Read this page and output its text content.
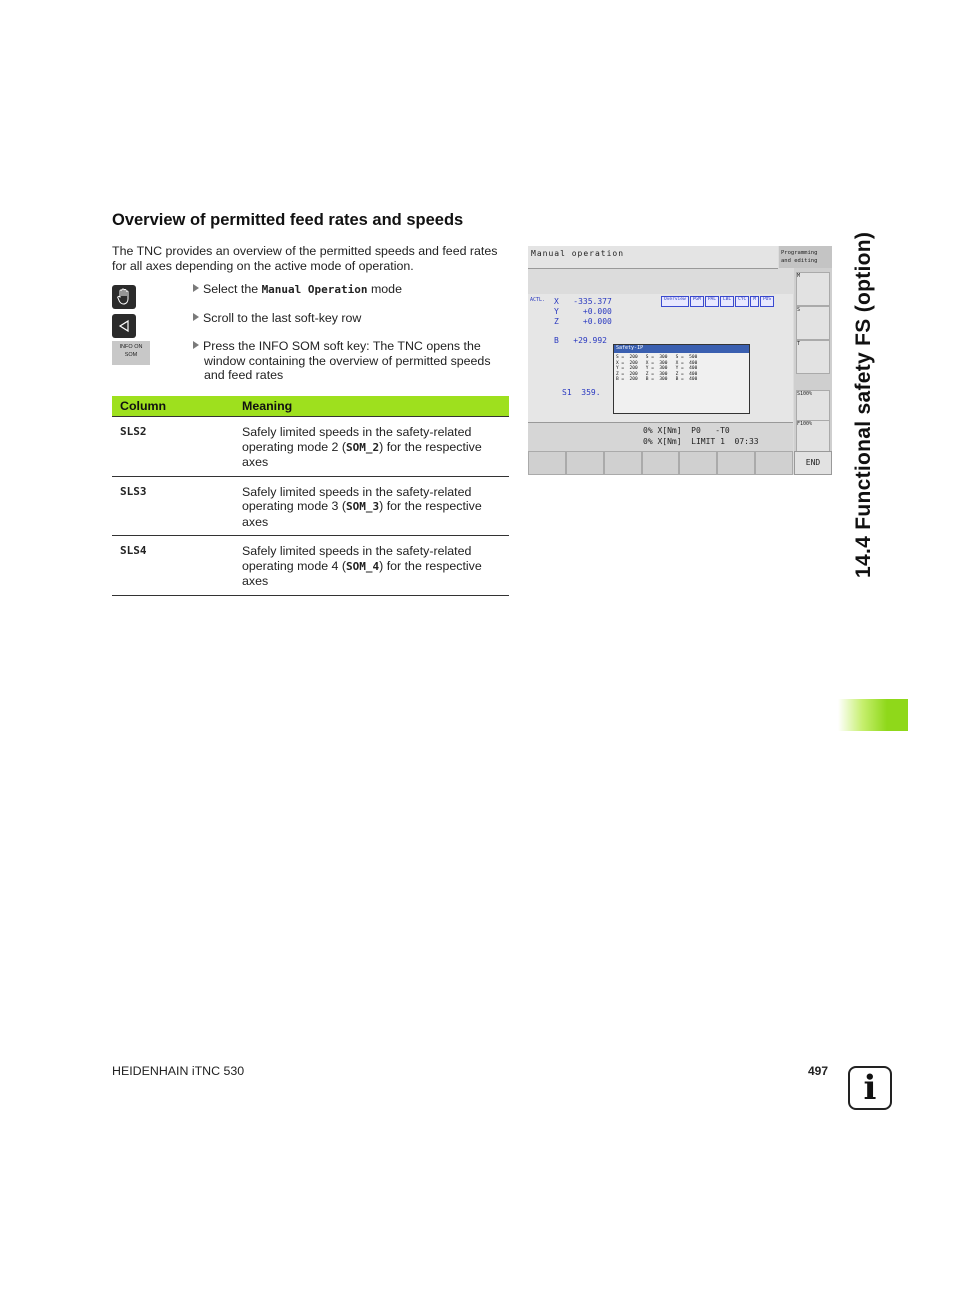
Overview of permitted feed rates and speeds
The TNC provides an overview of the permitted speeds and feed rates for all axes depending on the active mode of operation.
INFO ON
SOM
Select the Manual Operation mode
Scroll to the last soft-key row
Press the INFO SOM soft key: The TNC opens the
window containing the overview of permitted speeds
and feed rates
Column	Meaning
SLS2	Safely limited speeds in the safety-related operating mode 2 (SOM_2) for the respective axes
SLS3	Safely limited speeds in the safety-related operating mode 3 (SOM_3) for the respective axes
SLS4	Safely limited speeds in the safety-related operating mode 4 (SOM_4) for the respective axes
Manual operation	Programming
and editing
ACTL. X -335.377
Y	+0.000
Z	+0.000
B +29.992
S1  359.
Overview	PGM	PAL	LBL	CYC	M	POS
Safety-IP
S =  200   S =  300   S =  500
X =  200   X =  300   X =  400
Y =  200   Y =  300   Y =  400
Z =  200   Z =  300   Z =  400
B =  200   B =  300   B =  400
0% X[Nm]  P0   -T0
0% X[Nm]  LIMIT 1  07:33
M
S
T
S100%
F100%
END	14.4 Functional safety FS (option)
HEIDENHAIN iTNC 530	497 i
